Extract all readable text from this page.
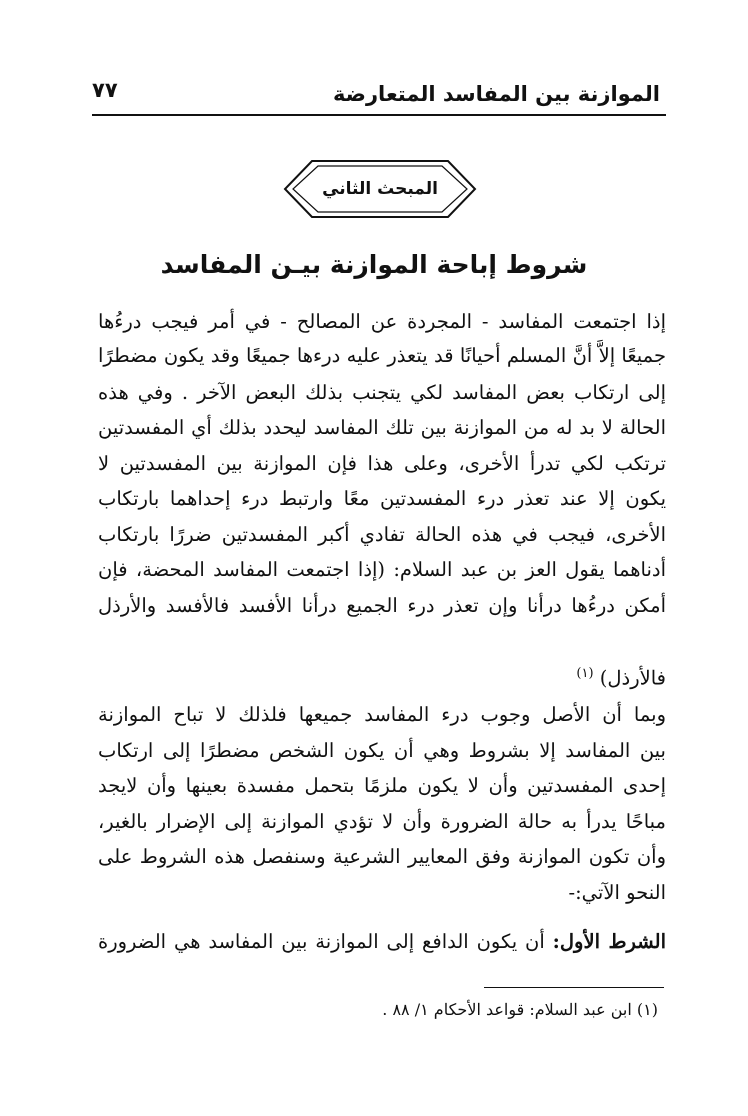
٧٧	الموازنة بين المفاسد المتعارضة
المبحث الثاني
شروط إباحة الموازنة بيـن المفاسد
إذا اجتمعت المفاسد - المجردة عن المصالح - في أمر فيجب درءُها
جميعًا إلاَّ أنَّ المسلم أحيانًا قد يتعذر عليه درءها جميعًا وقد يكون مضطرًا
إلى ارتكاب بعض المفاسد لكي يتجنب بذلك البعض الآخر . وفي هذه
الحالة لا بد له من الموازنة بين تلك المفاسد ليحدد بذلك أي المفسدتين
ترتكب لكي تدرأ الأخرى، وعلى هذا فإن الموازنة بين المفسدتين لا
يكون إلا عند تعذر درء المفسدتين معًا وارتبط درء إحداهما بارتكاب
الأخرى، فيجب في هذه الحالة تفادي أكبر المفسدتين ضررًا بارتكاب
أدناهما يقول العز بن عبد السلام: (إذا اجتمعت المفاسد المحضة، فإن
أمكن درءُها درأنا وإن تعذر درء الجميع درأنا الأفسد فالأفسد والأرذل
فالأرذل) $^{(١)}$
وبما أن الأصل وجوب درء المفاسد جميعها فلذلك لا تباح الموازنة
بين المفاسد إلا بشروط وهي أن يكون الشخص مضطرًا إلى ارتكاب
إحدى المفسدتين وأن لا يكون ملزمًا بتحمل مفسدة بعينها وأن لايجد
مباحًا يدرأ به حالة الضرورة وأن لا تؤدي الموازنة إلى الإضرار بالغير،
وأن تكون الموازنة وفق المعايير الشرعية وسنفصل هذه الشروط على
النحو الآتي:-
الشرط الأول: أن يكون الدافع إلى الموازنة بين المفاسد هي الضرورة
(١) ابن عبد السلام: قواعد الأحكام ١/ ٨٨ .
